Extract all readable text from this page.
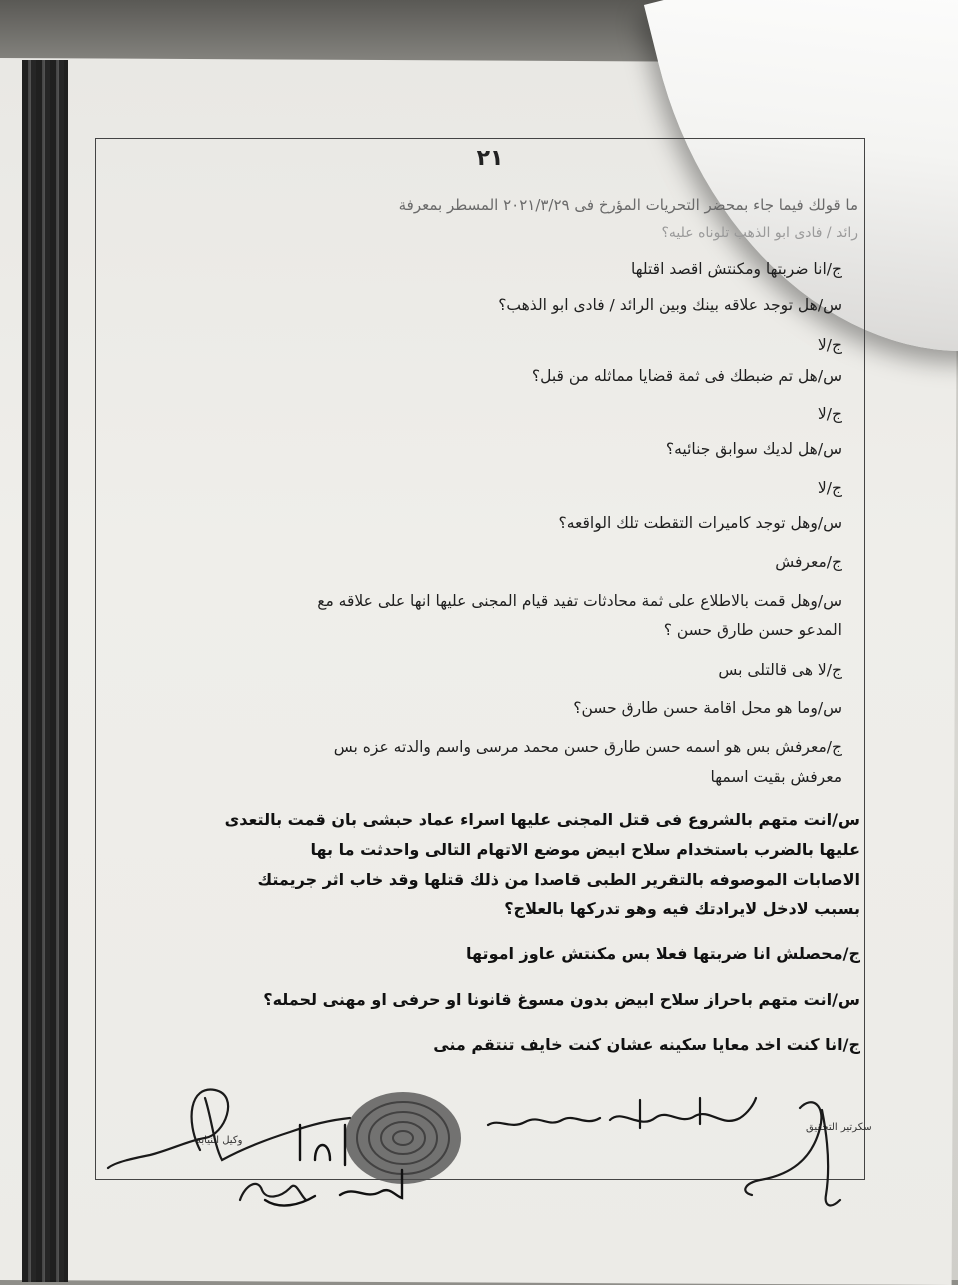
٢١
ما قولك فيما جاء بمحضر التحريات المؤرخ فى ٢٠٢١/٣/٢٩ المسطر بمعرفة
رائد / فادى ابو الذهب تلوناه عليه؟
ج/انا ضربتها ومكنتش اقصد اقتلها
س/هل توجد علاقه بينك وبين الرائد / فادى ابو الذهب؟
ج/لا
س/هل تم ضبطك فى ثمة قضايا مماثله من قبل؟
ج/لا
س/هل لديك سوابق جنائيه؟
ج/لا
س/وهل توجد كاميرات التقطت تلك الواقعه؟
ج/معرفش
س/وهل قمت بالاطلاع على ثمة محادثات تفيد قيام المجنى عليها انها على علاقه مع
المدعو حسن طارق حسن ؟
ج/لا هى قالتلى بس
س/وما هو محل اقامة حسن طارق حسن؟
ج/معرفش بس هو اسمه حسن طارق حسن محمد مرسى واسم والدته عزه بس
معرفش بقيت اسمها
س/انت متهم بالشروع فى قتل المجنى عليها اسراء عماد حبشى بان قمت بالتعدى
عليها بالضرب باستخدام سلاح ابيض موضع الاتهام التالى واحدثت ما بها
الاصابات الموصوفه بالتقرير الطبى قاصدا من ذلك قتلها وقد خاب اثر جريمتك
بسبب لادخل لايرادتك فيه وهو تدركها بالعلاج؟
ج/محصلش انا ضربتها فعلا بس مكنتش عاوز اموتها
س/انت متهم باحراز سلاح ابيض بدون مسوغ قانونا او حرفى او مهنى لحمله؟
ج/انا كنت اخد معايا سكينه عشان كنت خايف تنتقم منى
سكرتير التحقيق
وكيل النيابة
